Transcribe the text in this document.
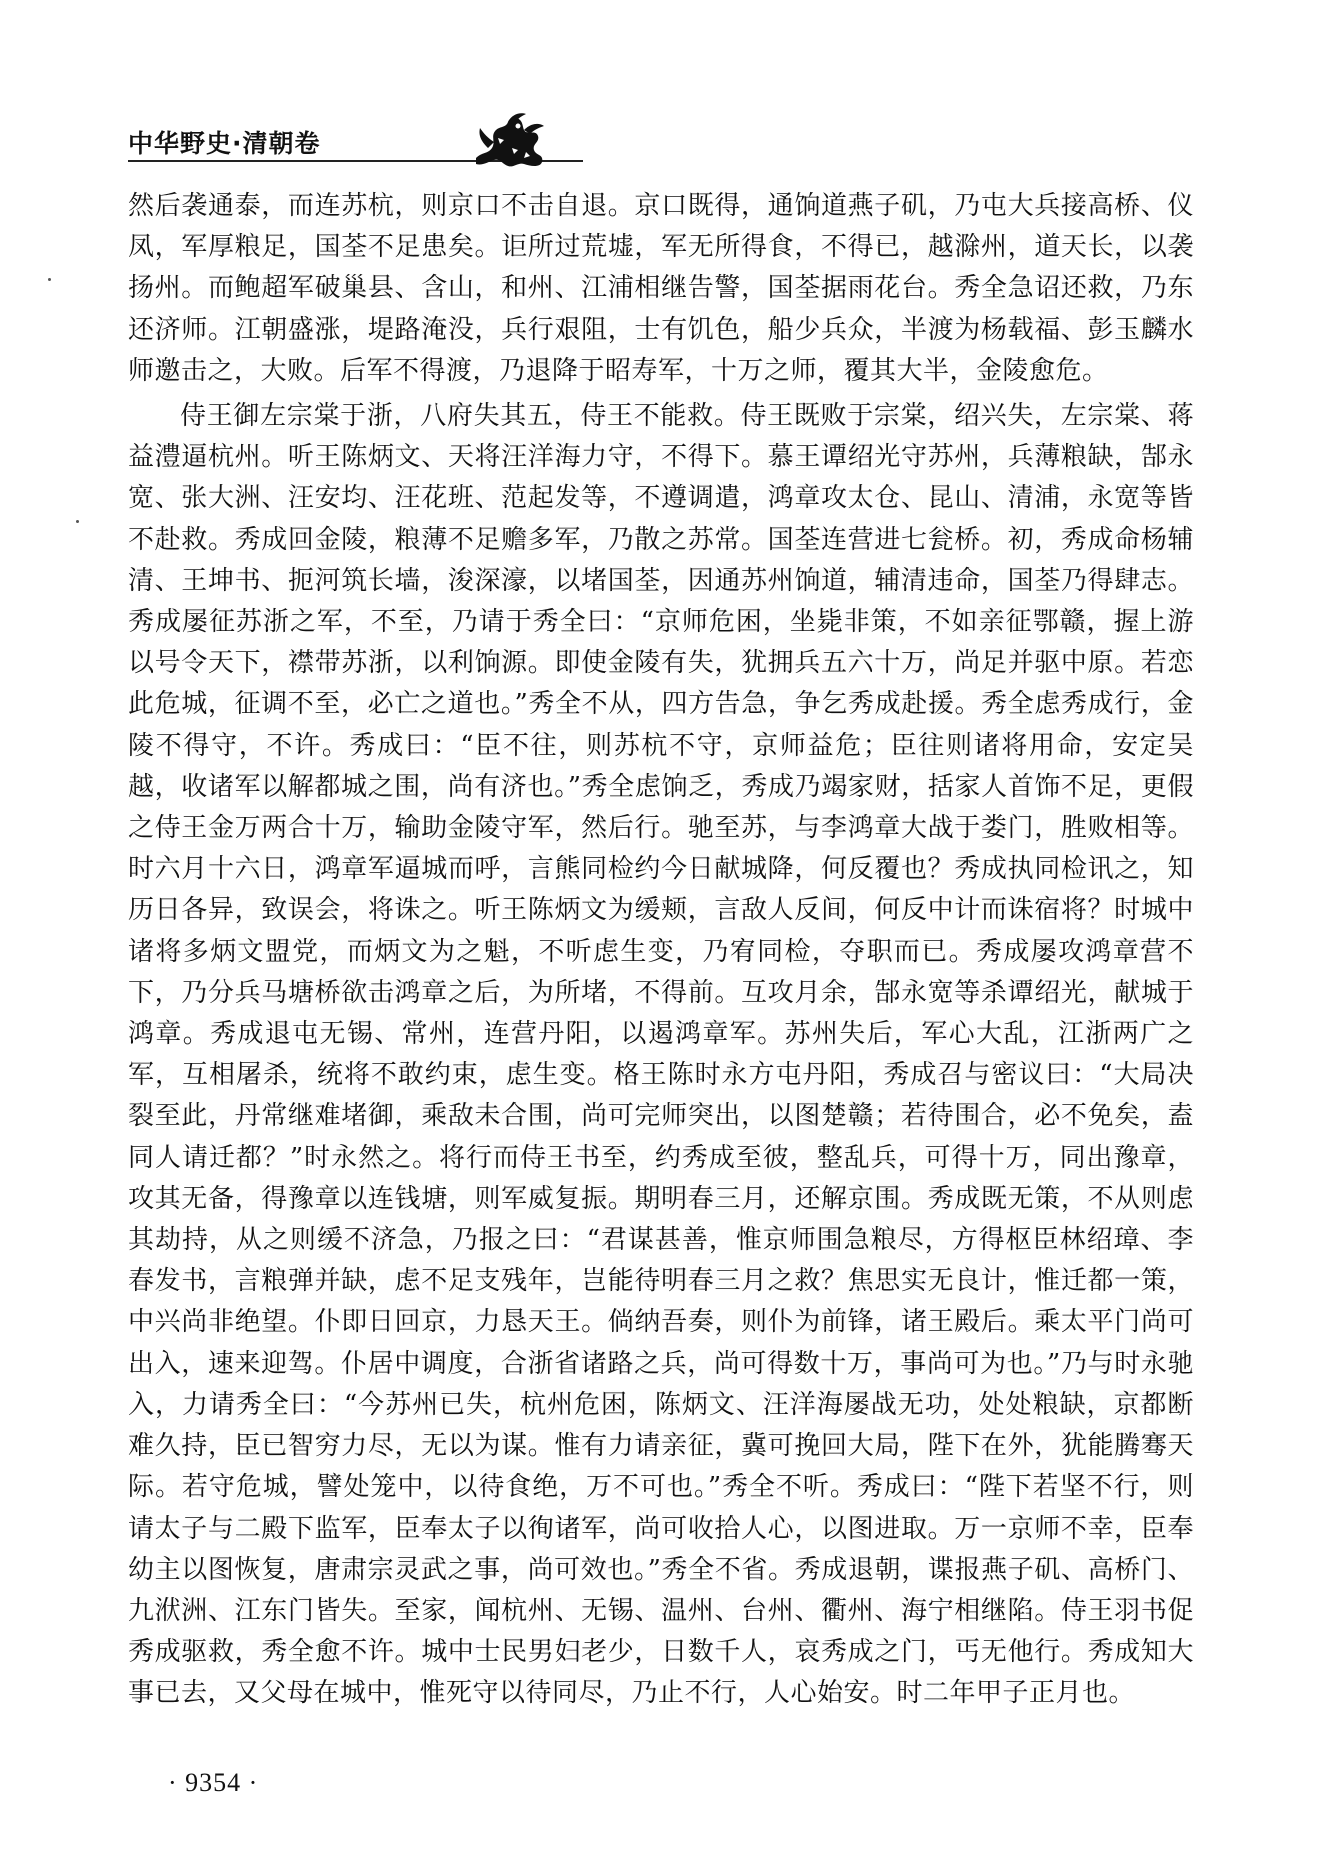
中华野史·清朝卷

然后袭通泰，而连苏杭，则京口不击自退。京口既得，通饷道燕子矶，乃屯大兵接高桥、仪凤，军厚粮足，国荃不足患矣。讵所过荒墟，军无所得食，不得已，越滁州，道天长，以袭扬州。而鲍超军破巢县、含山，和州、江浦相继告警，国荃据雨花台。秀全急诏还救，乃东还济师。江朝盛涨，堤路淹没，兵行艰阻，士有饥色，船少兵众，半渡为杨载福、彭玉麟水师邀击之，大败。后军不得渡，乃退降于昭寿军，十万之师，覆其大半，金陵愈危。

侍王御左宗棠于浙，八府失其五，侍王不能救。侍王既败于宗棠，绍兴失，左宗棠、蒋益澧逼杭州。听王陈炳文、天将汪洋海力守，不得下。慕王谭绍光守苏州，兵薄粮缺，郜永宽、张大洲、汪安均、汪花班、范起发等，不遵调遣，鸿章攻太仓、昆山、清浦，永宽等皆不赴救。秀成回金陵，粮薄不足赡多军，乃散之苏常。国荃连营进七瓮桥。初，秀成命杨辅清、王坤书、扼河筑长墙，浚深濠，以堵国荃，因通苏州饷道，辅清违命，国荃乃得肆志。秀成屡征苏浙之军，不至，乃请于秀全曰：“京师危困，坐毙非策，不如亲征鄂赣，握上游以号令天下，襟带苏浙，以利饷源。即使金陵有失，犹拥兵五六十万，尚足并驱中原。若恋此危城，征调不至，必亡之道也。”秀全不从，四方告急，争乞秀成赴援。秀全虑秀成行，金陵不得守，不许。秀成曰：“臣不往，则苏杭不守，京师益危；臣往则诸将用命，安定吴越，收诸军以解都城之围，尚有济也。”秀全虑饷乏，秀成乃竭家财，括家人首饰不足，更假之侍王金万两合十万，输助金陵守军，然后行。驰至苏，与李鸿章大战于娄门，胜败相等。时六月十六日，鸿章军逼城而呼，言熊同检约今日献城降，何反覆也？秀成执同检讯之，知历日各异，致误会，将诛之。听王陈炳文为缓颊，言敌人反间，何反中计而诛宿将？时城中诸将多炳文盟党，而炳文为之魁，不听虑生变，乃宥同检，夺职而已。秀成屡攻鸿章营不下，乃分兵马塘桥欲击鸿章之后，为所堵，不得前。互攻月余，郜永宽等杀谭绍光，献城于鸿章。秀成退屯无锡、常州，连营丹阳，以遏鸿章军。苏州失后，军心大乱，江浙两广之军，互相屠杀，统将不敢约束，虑生变。格王陈时永方屯丹阳，秀成召与密议曰：“大局决裂至此，丹常继难堵御，乘敌未合围，尚可完师突出，以图楚赣；若待围合，必不免矣，盍同人请迁都？”时永然之。将行而侍王书至，约秀成至彼，整乱兵，可得十万，同出豫章，攻其无备，得豫章以连钱塘，则军威复振。期明春三月，还解京围。秀成既无策，不从则虑其劫持，从之则缓不济急，乃报之曰：“君谋甚善，惟京师围急粮尽，方得枢臣林绍璋、李春发书，言粮弹并缺，虑不足支残年，岂能待明春三月之救？焦思实无良计，惟迁都一策，中兴尚非绝望。仆即日回京，力恳天王。倘纳吾奏，则仆为前锋，诸王殿后。乘太平门尚可出入，速来迎驾。仆居中调度，合浙省诸路之兵，尚可得数十万，事尚可为也。”乃与时永驰入，力请秀全曰：“今苏州已失，杭州危困，陈炳文、汪洋海屡战无功，处处粮缺，京都断难久持，臣已智穷力尽，无以为谋。惟有力请亲征，冀可挽回大局，陛下在外，犹能腾骞天际。若守危城，譬处笼中，以待食绝，万不可也。”秀全不听。秀成曰：“陛下若坚不行，则请太子与二殿下监军，臣奉太子以徇诸军，尚可收拾人心，以图进取。万一京师不幸，臣奉幼主以图恢复，唐肃宗灵武之事，尚可效也。”秀全不省。秀成退朝，谍报燕子矶、高桥门、九洑洲、江东门皆失。至家，闻杭州、无锡、温州、台州、衢州、海宁相继陷。侍王羽书促秀成驱救，秀全愈不许。城中士民男妇老少，日数千人，哀秀成之门，丐无他行。秀成知大事已去，又父母在城中，惟死守以待同尽，乃止不行，人心始安。时二年甲子正月也。

· 9354 ·
